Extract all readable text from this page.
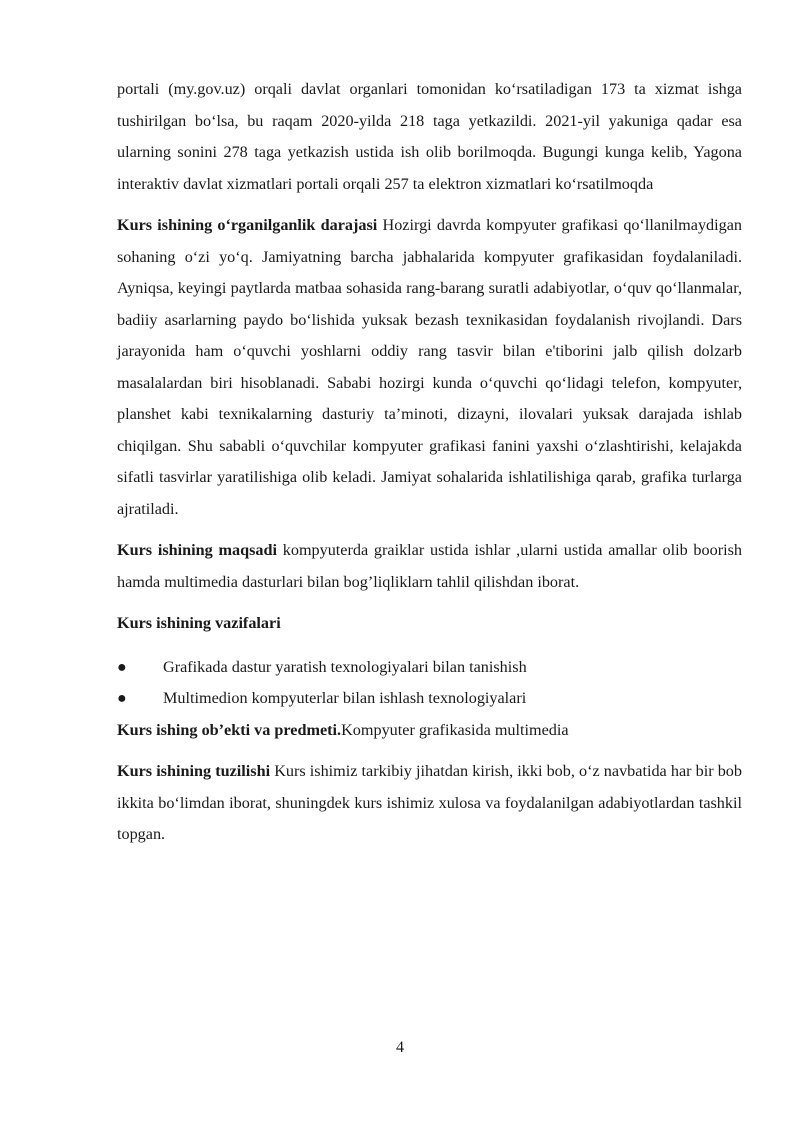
portali (my.gov.uz) orqali davlat organlari tomonidan koʻrsatiladigan 173 ta xizmat ishga tushirilgan boʻlsa, bu raqam 2020-yilda 218 taga yetkazildi. 2021-yil yakuniga qadar esa ularning sonini 278 taga yetkazish ustida ish olib borilmoqda. Bugungi kunga kelib, Yagona interaktiv davlat xizmatlari portali orqali 257 ta elektron xizmatlari koʻrsatilmoqda

Kurs ishining oʻrganilganlik darajasi Hozirgi davrda kompyuter grafikasi qoʻllanilmaydigan sohaning oʻzi yoʻq. Jamiyatning barcha jabhalarida kompyuter grafikasidan foydalaniladi. Ayniqsa, keyingi paytlarda matbaa sohasida rang-barang suratli adabiyotlar, oʻquv qoʻllanmalar, badiiy asarlarning paydo boʻlishida yuksak bezash texnikasidan foydalanish rivojlandi. Dars jarayonida ham oʻquvchi yoshlarni oddiy rang tasvir bilan e'tiborini jalb qilish dolzarb masalalardan biri hisoblanadi. Sababi hozirgi kunda oʻquvchi qoʻlidagi telefon, kompyuter, planshet kabi texnikalarning dasturiy ta’minoti, dizayni, ilovalari yuksak darajada ishlab chiqilgan. Shu sababli oʻquvchilar kompyuter grafikasi fanini yaxshi oʻzlashtirishi, kelajakda sifatli tasvirlar yaratilishiga olib keladi. Jamiyat sohalarida ishlatilishiga qarab, grafika turlarga ajratiladi.

Kurs ishining maqsadi kompyuterda graiklar ustida ishlar ,ularni ustida amallar olib boorish hamda multimedia dasturlari bilan bog’liqliklarn tahlil qilishdan iborat.

Kurs ishining vazifalari

● Grafikada dastur yaratish texnologiyalari bilan tanishish
● Multimedion kompyuterlar bilan ishlash texnologiyalari

Kurs ishing ob’ekti va predmeti.Kompyuter grafikasida multimedia

Kurs ishining tuzilishi Kurs ishimiz tarkibiy jihatdan kirish, ikki bob, oʻz navbatida har bir bob ikkita boʻlimdan iborat, shuningdek kurs ishimiz xulosa va foydalanilgan adabiyotlardan tashkil topgan.

4
